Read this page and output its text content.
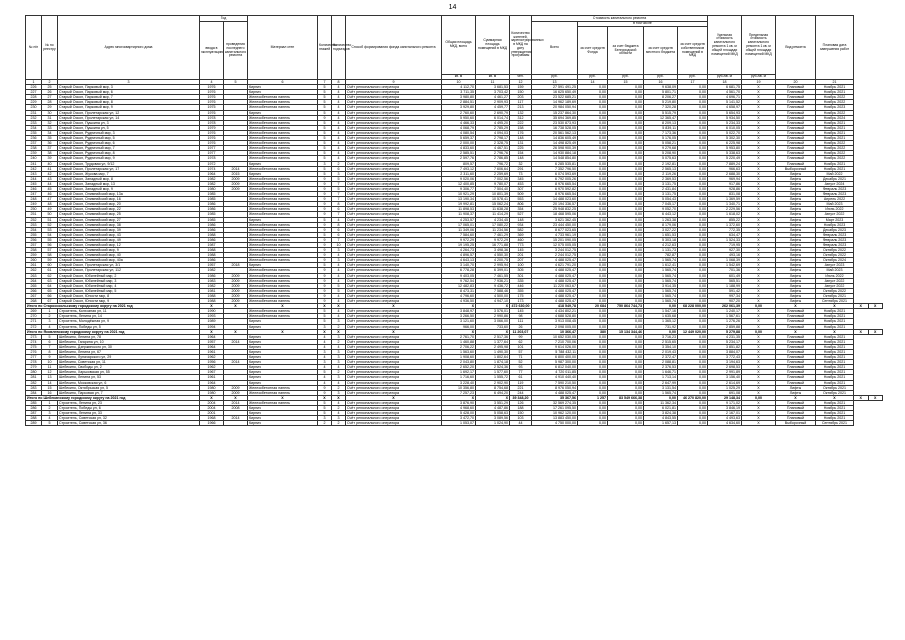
14
№ п/п	№ по реестру	Адрес многоквартирного дома	Год		Материал стен	Количество этажей	Количество подъездов	Способ формирования фонда капитального ремонта	Общая площадь МКД, всего	Суммарная площадь помещений в МКД	Количество жителей, зарегистрированных в МКД на дату утверждения программы	Стоимость капитального ремонта					Удельная стоимость капитального ремонта 1 кв. м общей площади помещений МКД	Предельная стоимость капитального ремонта 1 кв. м общей площади помещений МКД	Вид ремонта	Плановая дата завершения работ		
			ввода в эксплуатацию	проведения последнего капитального ремонта								Всего	в том числе									
													за счет средств Фонда	за счет бюджета Белгородской области	за счет средств местного бюджета	за счет средств собственников помещений в МКД						
									кв. м	кв. м	чел.	руб.	руб.	руб.	руб.	руб.	руб./кв. м	руб./кв. м				
1	2	3	4	5	6	7	8	9	10	11	12	13	14	15	16	17	18	19	20	21		
226	25	Старый Оскол, Парковый мкр, 3	1976		Кирпич	5	4	Счёт регионального оператора	4 112,70	3 681,53	159	27 591 491,25	0,00	0,00	9 638,09	0,00	6 681,75	Х	Плановый	Ноябрь 2021		
227	26	Старый Оскол, Парковый мкр, 6	1976		Кирпич	5	4	Счёт регионального оператора	3 711,35	3 703,42	150	16 625 650,49	0,00	0,00	5 801,71	0,00	4 561,70	Х	Плановый	Ноябрь 2021		
228	27	Старый Оскол, Парковый мкр, 7	1976		Железобетонная панель	5	4	Счёт регионального оператора	3 980,80	4 461,27	203	23 522 685,21	0,00	0,00	8 206,27	0,00	4 696,71	Х	Плановый	Ноябрь 2022		
229	28	Старый Оскол, Парковый мкр, 8	1976		Железобетонная панель	5	4	Счёт регионального оператора	2 884,51	2 909,93	117	14 962 189,69	0,00	0,00	5 219,80	0,00	5 141,52	Х	Плановый	Ноябрь 2022		
230	29	Старый Оскол, Парковый мкр, 9	1975		Железобетонная панель	5	4	Счёт регионального оператора	3 929,80	4 459,77	213	20 984 050,94	0,00	0,00	7 320,28	0,00	4 658,97	Х	Плановый	Ноябрь 2023		
231	30	Старый Оскол, Пролетарская ул, 12	1976		Кирпич	5	4	Счёт регионального оператора	2 760,60	2 690,79	132	15 237 864,30	0,00	0,00	5 515,79	0,00	5 654,93	Х	Плановый	Ноябрь 2022		
232	31	Старый Оскол, Пролетарская ул, 14	1978		Железобетонная панель	9	4	Счёт регионального оператора	5 950,60	6 014,74	312	35 694 369,85	0,00	0,00	12 365,47	0,00	5 934,50	Х	Плановый	Ноябрь 2024		
233	32	Старый Оскол, Пушкина ул, 3	1978		Железобетонная панель	5	4	Счёт регионального оператора	4 466,33	4 495,20	222	23 530 873,93	0,00	0,00	8 209,13	0,00	5 234,33	Х	Плановый	Ноябрь 2021		
234	33	Старый Оскол, Пушкина ул, 5	1979		Железобетонная панель	5	4	Счёт регионального оператора	4 068,79	2 785,29	158	16 738 528,05	0,00	0,00	5 839,11	0,00	6 010,05	Х	Плановый	Ноябрь 2021		
235	34	Старый Оскол, Рудничный мкр, 3	1976		Железобетонная панель	5	4	Счёт регионального оператора	4 080,54	4 094,03	176	20 561 562,13	0,00	0,00	7 173,36	0,00	5 022,70	Х	Плановый	Ноябрь 2021		
236	35	Старый Оскол, Рудничный мкр, 5	1976		Железобетонная панель	5	4	Счёт регионального оператора	5 659,37	2 798,17	148	14 836 605,49	0,00	0,00	5 176,05	0,00	5 302,30	Х	Плановый	Ноябрь 2021		
237	36	Старый Оскол, Рудничный мкр, 6	1976		Железобетонная панель	5	4	Счёт регионального оператора	2 000,00	2 328,75	131	14 498 825,49	0,00	0,00	5 058,21	0,00	6 225,98	Х	Плановый	Ноябрь 2022		
238	37	Старый Оскол, Рудничный мкр, 7	1977		Железобетонная панель	5	4	Счёт регионального оператора	4 833,60	4 467,51	225	26 598 900,39	0,00	0,00	9 279,68	0,00	5 953,80	Х	Плановый	Ноябрь 2022		
239	38	Старый Оскол, Рудничный мкр, 8	1977		Железобетонная панель	5	4	Счёт регионального оператора	2 585,51	2 796,76	154	14 930 884,18	0,00	0,00	5 208,90	0,00	5 338,63	Х	Плановый	Ноябрь 2022		
240	39	Старый Оскол, Рудничный мкр, 9	1978		Железобетонная панель	5	4	Счёт регионального оператора	2 597,76	2 786,85	148	14 548 854,80	0,00	0,00	5 075,63	0,00	5 220,49	Х	Плановый	Ноябрь 2022		
241	40	Старый Оскол, Трудовая ул, 9/12	1972		Кирпич	3	2	Счёт регионального оператора	809,57	796,72	32	6 285 535,81	0,00	0,00	2 192,81	0,00	7 889,24	Х	Плановый	Ноябрь 2021		
242	41	Старый Оскол, Пролетарская ул, 17	1974	2014	Железобетонная панель	5	6	Счёт регионального оператора	7 493,12	7 606,64	291	7 352 796,50	0,00	0,00	2 565,13	0,00	966,63	Х	Выборочный	Ноябрь 2021		
243	42	Старый Оскол, Жукова мкр, 7	1964	2015	Кирпич	5	3	Счёт регионального оператора	2 311,60	2 259,69	73	6 074 593,69	0,00	0,00	2 119,26	0,00	2 688,30	Х	Лифты	Май 2022		
244	43	Старый Оскол, Западный мкр, 8	1982	2009	Железобетонная панель	9	5	Счёт регионального оператора	9 020,06	7 002,56	345	6 792 005,26	0,00	0,00	2 369,53	0,00	969,94	Х	Лифты	Декабрь 2021		
245	44	Старый Оскол, Западный мкр, 13	1982	2009	Железобетонная панель	9	7	Счёт регионального оператора	12 400,85	9 780,07	453	8 976 665,54	0,00	0,00	3 131,75	0,00	917,86	Х	Лифты	Август 2024		
246	45	Старый Оскол, Западный мкр, 9	1980	2009	Железобетонная панель	9	5	Счёт регионального оператора	9 306,77	7 504,40	307	6 970 592,82	0,00	0,00	2 431,84	0,00	928,86	Х	Лифты	Февраль 2023		
247	46	Старый Оскол, Олимпийский мкр, 13а	1985		Железобетонная панель	9	7	Счёт регионального оператора	10 921,29	10 801,39	509	8 976 665,54	0,00	0,00	3 131,75	0,00	831,08	Х	Лифты	Февраль 2023		
248	47	Старый Оскол, Олимпийский мкр, 16	1985		Железобетонная панель	9	7	Счёт регионального оператора	13 190,34	10 578,41	553	14 488 023,60	0,00	0,00	5 054,43	0,00	1 369,59	Х	Лифты	Апрель 2022		
249	48	Старый Оскол, Олимпийский мкр, 20	1986		Железобетонная панель	9	8	Счёт регионального оператора	19 992,81	15 062,24	806	20 194 336,57	0,00	0,00	7 045,17	0,00	1 340,71	Х	Лифты	Май 2023		
250	49	Старый Оскол, Олимпийский мкр, 22	1986		Железобетонная панель	9	6	Счёт регионального оператора	11 898,53	11 638,28	354	25 948 832,25	0,00	0,00	9 052,70	0,00	2 229,56	Х	Лифты	Июнь 2022		
251	50	Старый Оскол, Олимпийский мкр, 25	1985		Железобетонная панель	9	7	Счёт регионального оператора	11 908,37	11 414,29	527	18 468 595,06	0,00	0,00	6 443,12	0,00	1 618,02	Х	Лифты	Август 2022		
252	51	Старый Оскол, Олимпийский мкр, 27	1985		Кирпич	5	4	Счёт регионального оператора	4 253,57	4 234,45	148	3 621 362,45	0,00	0,00	1 263,38	0,00	855,22	Х	Лифты	Март 2023		
253	52	Старый Оскол, Олимпийский мкр, 38	1986		Железобетонная панель	9	8	Счёт регионального оператора	17 065,01	17 080,22	934	23 444 450,00	0,00	0,00	8 179,06	0,00	1 372,60	Х	Лифты	Ноябрь 2023		
254	53	Старый Оскол, Олимпийский мкр, 39	1986		Железобетонная панель	9	6	Счёт регионального оператора	11 349,06	11 234,56	582	8 677 023,65	0,00	0,00	3 027,22	0,00	772,35	Х	Лифты	Декабрь 2023		
255	54	Старый Оскол, Олимпийский мкр, 43	1988		Железобетонная панель	5	6	Счёт регионального оператора	7 584,60	7 461,29	369	4 733 961,19	0,00	0,00	1 651,53	0,00	634,47	Х	Лифты	Февраль 2023		
256	55	Старый Оскол, Олимпийский мкр, 49	1986		Железобетонная панель	9	7	Счёт регионального оператора	9 972,29	9 972,29	460	15 201 090,05	0,00	0,00	5 303,18	0,00	1 524,33	Х	Лифты	Февраль 2023		
257	56	Старый Оскол, Олимпийский мкр, 12	1987		Железобетонная панель	9	10	Счёт регионального оператора	19 195,25	16 771,88	773	12 075 005,05	0,00	0,00	4 212,63	0,00	719,95	Х	Лифты	Февраль 2023		
258	57	Старый Оскол, Олимпийский мкр, 9	1988		Железобетонная панель	9	3	Счёт регионального оператора	4 264,73	3 498,36	145	3 244 012,75	0,00	0,00	1 131,73	0,00	927,30	Х	Лифты	Октябрь 2022		
259	58	Старый Оскол, Олимпийский мкр, 40	1988		Железобетонная панель	9	4	Счёт регионального оператора	4 896,57	4 550,30	201	2 244 012,75	0,00	0,00	782,87	0,00	493,16	Х	Лифты	Октябрь 2022		
260	59	Старый Оскол, Олимпийский мкр, 40а	1986		Железобетонная панель	9	3	Счёт регионального оператора	4 643,13	4 200,75	207	4 488 025,47	0,00	0,00	1 565,74	0,00	1 068,39	Х	Лифты	Октябрь 2024		
261	60	Старый Оскол, Пролетарская ул, 3/1	1957	2018	Кирпич	5	4	Счёт регионального оператора	3 140,70	2 995,94	100	4 621 791,20	0,00	0,00	1 612,41	0,00	1 542,69	Х	Лифты	Август 2023		
262	61	Старый Оскол, Пролетарская ул, 112	1982		Железобетонная панель	9	4	Счёт регионального оператора	6 778,28	6 399,01	305	4 488 025,47	0,00	0,00	1 565,74	0,00	701,36	Х	Лифты	Май 2023		
263	62	Старый Оскол, Юбилейный мкр, 2	1986	2009	Железобетонная панель	9	4	Счёт регионального оператора	9 403,05	7 461,55	301	4 488 025,47	0,00	0,00	1 565,74	0,00	601,49	Х	Лифты	Июль 2022		
264	63	Старый Оскол, Юбилейный мкр, 3	1983	2009	Железобетонная панель	9	4	Счёт регионального оператора	9 762,54	7 936,21	335	4 488 025,47	0,00	0,00	1 565,74	0,00	565,51	Х	Лифты	Август 2022		
265	64	Старый Оскол, Юбилейный мкр, 4	1982	2009	Железобетонная панель	9	5	Счёт регионального оператора	12 482,83	9 436,72	446	11 220 063,67	0,00	0,00	3 914,35	0,00	1 188,99	Х	Лифты	Август 2022		
266	65	Старый Оскол, Юбилейный мкр, 5	1981	2009	Железобетонная панель	9	5	Счёт регионального оператора	8 473,31	7 588,46	355	4 488 025,47	0,00	0,00	1 565,74	0,00	591,42	Х	Лифты	Октябрь 2022		
267	66	Старый Оскол, Юности мкр, 8	1988	2009	Железобетонная панель	9	4	Счёт регионального оператора	4 796,60	4 500,00	175	4 488 025,47	0,00	0,00	1 565,74	0,00	997,34	Х	Лифты	Октябрь 2021		
268	67	Старый Оскол, Юности мкр, 9	1988	2009	Железобетонная панель	9	4	Счёт регионального оператора	4 936,50	4 947,10	173	4 488 025,47	0,00	0,00	1 565,74	0,00	907,20	Х	Лифты	Сентябрь 2021		
Итого по Старооскольскому городскому округу на 2021 год			Х	Х	Х	Х	Х	Х	Х	Х	472 630,00	418 549,78	20 684	750 864 744,73	0,00	68 228 000,00	262 061,39	0,00	Х	Х	Х	Х
269	1	Строитель, Колхозная ул, 11	1990		Железобетонная панель	5	4	Счёт регионального оператора	3 848,97	3 576,01	145	4 434 802,21	0,00	0,00	1 547,16	0,00	1 240,17	Х	Плановый	Ноябрь 2021		
270	2	Строитель, Ленина ул, 14	1993		Железобетонная панель	5	4	Счёт регионального оператора	3 266,50	2 990,86	98	4 688 528,80	0,00	0,00	1 635,68	0,00	1 567,61	Х	Плановый	Ноябрь 2021		
271	3	Строитель, Молодёжная ул, 9	1989		Кирпич	5	3	Счёт регионального оператора	3 121,60	3 066,00	111	3 913 008,45	0,00	0,00	1 365,12	0,00	1 276,26	Х	Плановый	Ноябрь 2021		
272	4	Строитель, Победы ул, 5	1994		Кирпич	3	2	Счёт регионального оператора	966,00	733,60	26	2 098 005,00	0,00	0,00	731,92	0,00	2 859,88	Х	Плановый	Ноябрь 2021		
Итого по Яковлевскому городскому округу на 2021 год			Х	Х	Х	Х	Х	Х	Х	Х	11 203,07	10 366,47	380	15 134 344,46	0,00	12 449 020,00	5 279,88	0,00	Х	Х	Х	Х
273	5	Шебекино, Ленина ул, 78	1964		Кирпич	4	3	Счёт регионального оператора	2 761,70	2 517,36	99	10 652 030,05	0,00	0,00	3 716,23	0,00	4 231,35	Х	Плановый	Ноябрь 2021		
274	6	Шебекино, Гагарина ул, 10	1957	2014	Кирпич	4	2	Счёт регионального оператора	1 460,88	1 377,64	62	7 210 700,06	0,00	0,00	2 515,65	0,00	5 234,17	Х	Плановый	Ноябрь 2021		
275	7	Шебекино, Дзержинского ул, 30	1964		Кирпич	4	4	Счёт регионального оператора	2 706,22	2 495,98	101	9 614 026,00	0,00	0,00	3 354,10	0,00	3 851,82	Х	Плановый	Ноябрь 2021		
276	8	Шебекино, Ленина ул, 67	1961		Кирпич	3	3	Счёт регионального оператора	1 563,60	1 490,30	57	5 788 432,11	0,00	0,00	2 019,43	0,00	3 884,07	Х	Плановый	Ноябрь 2021		
277	9	Шебекино, Луначарского ул, 29	1962		Кирпич	4	3	Счёт регионального оператора	1 908,60	1 802,64	71	6 800 400,00	0,00	0,00	2 372,47	0,00	3 772,43	Х	Плановый	Ноябрь 2021		
278	10	Шебекино, Советская ул, 11	1956	2014	Кирпич	3	3	Счёт регионального оператора	2 043,80	1 874,18	52	5 987 300,00	0,00	0,00	2 088,81	0,00	3 194,63	Х	Плановый	Ноябрь 2021		
279	11	Шебекино, Свободы ул, 2	1962		Кирпич	4	4	Счёт регионального оператора	2 652,20	2 524,36	93	6 812 040,00	0,00	0,00	2 376,53	0,00	2 698,53	Х	Плановый	Ноябрь 2021		
280	12	Шебекино, Харьковская ул, 55	1967		Кирпич	5	2	Счёт регионального оператора	1 692,17	1 577,60	77	4 720 011,85	0,00	0,00	1 646,71	0,00	2 991,89	Х	Плановый	Ноябрь 2021		
281	13	Шебекино, Ленина ул, 53	1961		Кирпич	4	3	Счёт регионального оператора	1 716,60	1 555,72	61	4 910 440,40	0,00	0,00	1 713,14	0,00	3 156,40	Х	Плановый	Ноябрь 2021		
282	14	Шебекино, Московская ул, 6	1964		Кирпич	4	4	Счёт регионального оператора	3 228,40	2 902,90	119	7 590 210,50	0,00	0,00	2 647,99	0,00	2 614,69	Х	Плановый	Ноябрь 2021		
283	15	Шебекино, Октябрьская ул, 5	1980	2009	Железобетонная панель	9	2	Счёт регионального оператора	10 356,80	8 754,68	221	8 976 050,94	0,00	0,00	3 131,54	0,00	1 025,29	Х	Лифты	Октябрь 2021		
284	16	Шебекино, Парковая ул, 7	1980	2009	Железобетонная панель	9	3	Счёт регионального оператора	7 257,23	6 494,20	244	4 488 025,47	0,00	0,00	1 565,74	0,00	691,08	Х	Лифты	Октябрь 2021		
Итого по Шебекинскому городскому округу на 2021 год			Х	Х	Х	Х	Х	Х	Х	Х	39 348,20	35 367,56	1 257	83 549 666,38	0,00	46 270 820,00	29 148,34	0,00	Х	Х	Х	Х
285	1	Строитель, Ленина ул, 23	2004	2014	Железобетонная панель	5	4	Счёт регионального оператора	3 876,90	3 551,29	126	32 569 274,35	0,00	0,00	11 362,34	0,00	9 171,02	Х	Плановый	Ноябрь 2021		
286	2	Строитель, Победы ул, 6	2004	2008	Кирпич	5	2	Счёт регионального оператора	4 968,60	4 487,86	188	17 261 095,50	0,00	0,00	6 021,81	0,00	3 846,19	Х	Плановый	Ноябрь 2021		
287	3	Строитель, Ленина ул, 33	2001		Кирпич	5	4	Счёт регионального оператора	5 428,00	5 058,63	150	10 962 120,00	0,00	0,00	3 824,38	0,00	2 167,01	Х	Плановый	Ноябрь 2021		
288	4	Строитель, Советская ул, 32	1968	2014	Кирпич	3	3	Счёт регионального оператора	3 472,70	3 089,56	103	13 883 450,00	0,00	0,00	4 843,55	0,00	4 493,63	Х	Плановый	Ноябрь 2021		
289	5	Строитель, Советская ул, 36	1966		Кирпич	2	2	Счёт регионального оператора	1 053,07	1 024,90	44	4 750 000,00	0,00	0,00	1 657,13	0,00	4 634,60	Х	Выборочный	Сентябрь 2021		
